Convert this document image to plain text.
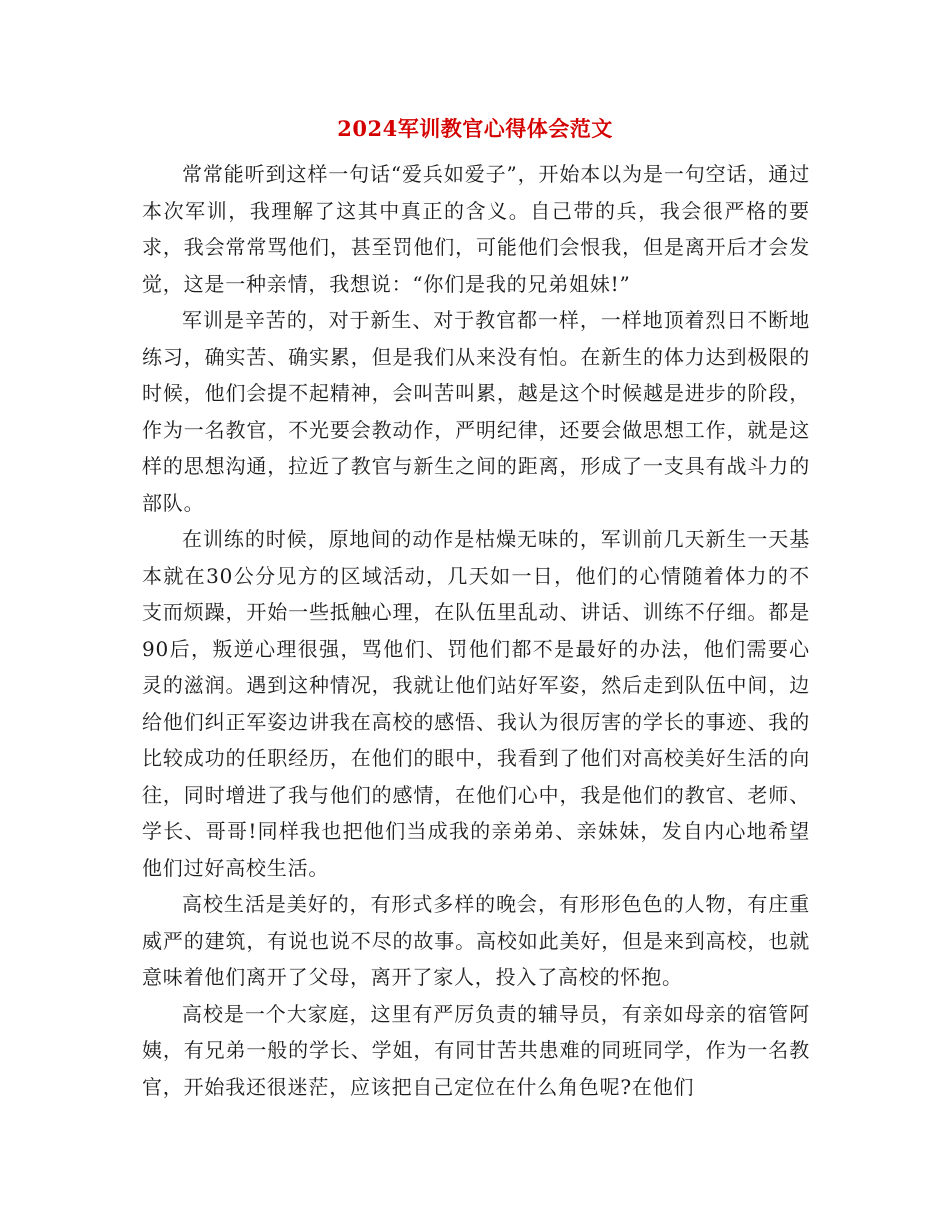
2024军训教官心得体会范文

常常能听到这样一句话“爱兵如爱子”，开始本以为是一句空话，通过本次军训，我理解了这其中真正的含义。自己带的兵，我会很严格的要求，我会常常骂他们，甚至罚他们，可能他们会恨我，但是离开后才会发觉，这是一种亲情，我想说：“你们是我的兄弟姐妹!”

军训是辛苦的，对于新生、对于教官都一样，一样地顶着烈日不断地练习，确实苦、确实累，但是我们从来没有怕。在新生的体力达到极限的时候，他们会提不起精神，会叫苦叫累，越是这个时候越是进步的阶段，作为一名教官，不光要会教动作，严明纪律，还要会做思想工作，就是这样的思想沟通，拉近了教官与新生之间的距离，形成了一支具有战斗力的部队。

在训练的时候，原地间的动作是枯燥无味的，军训前几天新生一天基本就在30公分见方的区域活动，几天如一日，他们的心情随着体力的不支而烦躁，开始一些抵触心理，在队伍里乱动、讲话、训练不仔细。都是90后，叛逆心理很强，骂他们、罚他们都不是最好的办法，他们需要心灵的滋润。遇到这种情况，我就让他们站好军姿，然后走到队伍中间，边给他们纠正军姿边讲我在高校的感悟、我认为很厉害的学长的事迹、我的比较成功的任职经历，在他们的眼中，我看到了他们对高校美好生活的向往，同时增进了我与他们的感情，在他们心中，我是他们的教官、老师、学长、哥哥!同样我也把他们当成我的亲弟弟、亲妹妹，发自内心地希望他们过好高校生活。

高校生活是美好的，有形式多样的晚会，有形形色色的人物，有庄重威严的建筑，有说也说不尽的故事。高校如此美好，但是来到高校，也就意味着他们离开了父母，离开了家人，投入了高校的怀抱。

高校是一个大家庭，这里有严厉负责的辅导员，有亲如母亲的宿管阿姨，有兄弟一般的学长、学姐，有同甘苦共患难的同班同学，作为一名教官，开始我还很迷茫，应该把自己定位在什么角色呢?在他们
